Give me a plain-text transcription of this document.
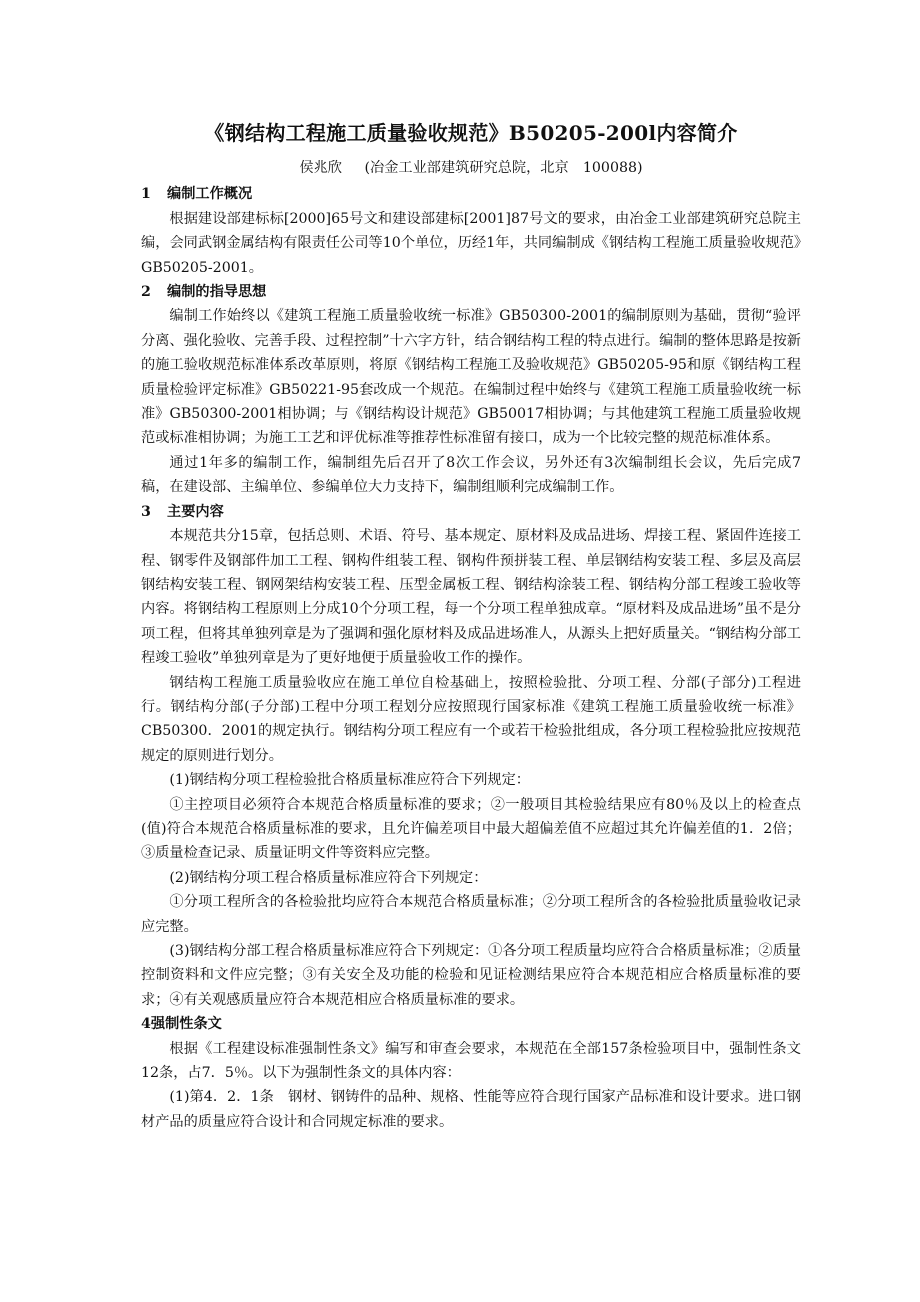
《钢结构工程施工质量验收规范》B50205-200l内容简介
侯兆欣 (冶金工业部建筑研究总院，北京　100088)
1 编制工作概况

根据建设部建标标[2000]65号文和建设部建标[2001]87号文的要求，由冶金工业部建筑研究总院主编，会同武钢金属结构有限责任公司等10个单位，历经1年，共同编制成《钢结构工程施工质量验收规范》GB50205-2001。

2 编制的指导思想

编制工作始终以《建筑工程施工质量验收统一标准》GB50300-2001的编制原则为基础，贯彻“验评分离、强化验收、完善手段、过程控制”十六字方针，结合钢结构工程的特点进行。编制的整体思路是按新的施工验收规范标准体系改革原则，将原《钢结构工程施工及验收规范》GB50205-95和原《钢结构工程质量检验评定标准》GB50221-95套改成一个规范。在编制过程中始终与《建筑工程施工质量验收统一标准》GB50300-2001相协调；与《钢结构设计规范》GB50017相协调；与其他建筑工程施工质量验收规范或标准相协调；为施工工艺和评优标准等推荐性标准留有接口，成为一个比较完整的规范标准体系。

通过1年多的编制工作，编制组先后召开了8次工作会议，另外还有3次编制组长会议，先后完成7稿，在建设部、主编单位、参编单位大力支持下，编制组顺利完成编制工作。

3 主要内容

本规范共分15章，包括总则、术语、符号、基本规定、原材料及成品进场、焊接工程、紧固件连接工程、钢零件及钢部件加工工程、钢构件组装工程、钢构件预拼装工程、单层钢结构安装工程、多层及高层钢结构安装工程、钢网架结构安装工程、压型金属板工程、钢结构涂装工程、钢结构分部工程竣工验收等内容。将钢结构工程原则上分成10个分项工程，每一个分项工程单独成章。“原材料及成品进场”虽不是分项工程，但将其单独列章是为了强调和强化原材料及成品进场准人，从源头上把好质量关。“钢结构分部工程竣工验收”单独列章是为了更好地便于质量验收工作的操作。

钢结构工程施工质量验收应在施工单位自检基础上，按照检验批、分项工程、分部(子部分)工程进行。钢结构分部(子分部)工程中分项工程划分应按照现行国家标准《建筑工程施工质量验收统一标准》CB50300．2001的规定执行。钢结构分项工程应有一个或若干检验批组成，各分项工程检验批应按规范规定的原则进行划分。

(1)钢结构分项工程检验批合格质量标准应符合下列规定：

①主控项目必须符合本规范合格质量标准的要求；②一般项目其检验结果应有80％及以上的检查点(值)符合本规范合格质量标准的要求，且允许偏差项目中最大超偏差值不应超过其允许偏差值的1．2倍；③质量检查记录、质量证明文件等资料应完整。

(2)钢结构分项工程合格质量标准应符合下列规定：

①分项工程所含的各检验批均应符合本规范合格质量标准；②分项工程所含的各检验批质量验收记录应完整。

(3)钢结构分部工程合格质量标准应符合下列规定：①各分项工程质量均应符合合格质量标准；②质量控制资料和文件应完整；③有关安全及功能的检验和见证检测结果应符合本规范相应合格质量标准的要求；④有关观感质量应符合本规范相应合格质量标准的要求。

4强制性条文

根据《工程建设标准强制性条文》编写和审查会要求，本规范在全部157条检验项目中，强制性条文12条，占7．5％。以下为强制性条文的具体内容：

(1)第4．2．1条　钢材、钢铸件的品种、规格、性能等应符合现行国家产品标准和设计要求。进口钢材产品的质量应符合设计和合同规定标准的要求。
